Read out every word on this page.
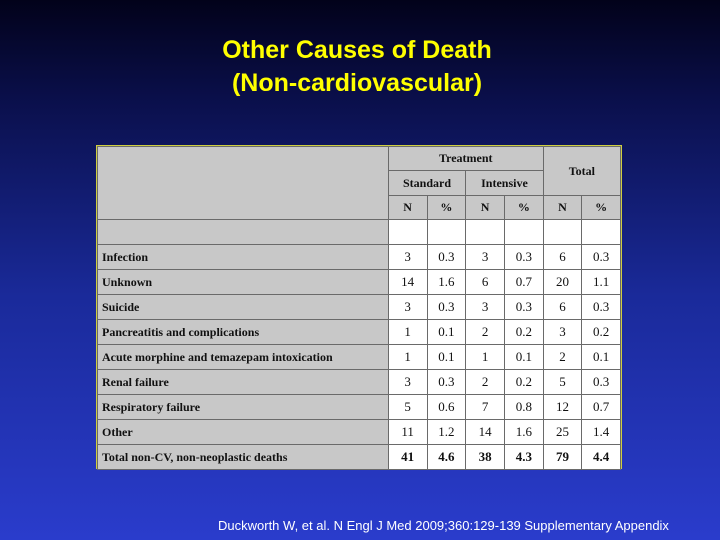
Other Causes of Death
(Non-cardiovascular)
	Treatment				Total	
	Standard		Intensive			
	N	%	N	%	N	%

Infection	3	0.3	3	0.3	6	0.3
Unknown	14	1.6	6	0.7	20	1.1
Suicide	3	0.3	3	0.3	6	0.3
Pancreatitis and complications	1	0.1	2	0.2	3	0.2
Acute morphine and temazepam intoxication	1	0.1	1	0.1	2	0.1
Renal failure	3	0.3	2	0.2	5	0.3
Respiratory failure	5	0.6	7	0.8	12	0.7
Other	11	1.2	14	1.6	25	1.4
Total non-CV, non-neoplastic deaths	41	4.6	38	4.3	79	4.4
Duckworth W, et al. N Engl J Med 2009;360:129-139 Supplementary Appendix
